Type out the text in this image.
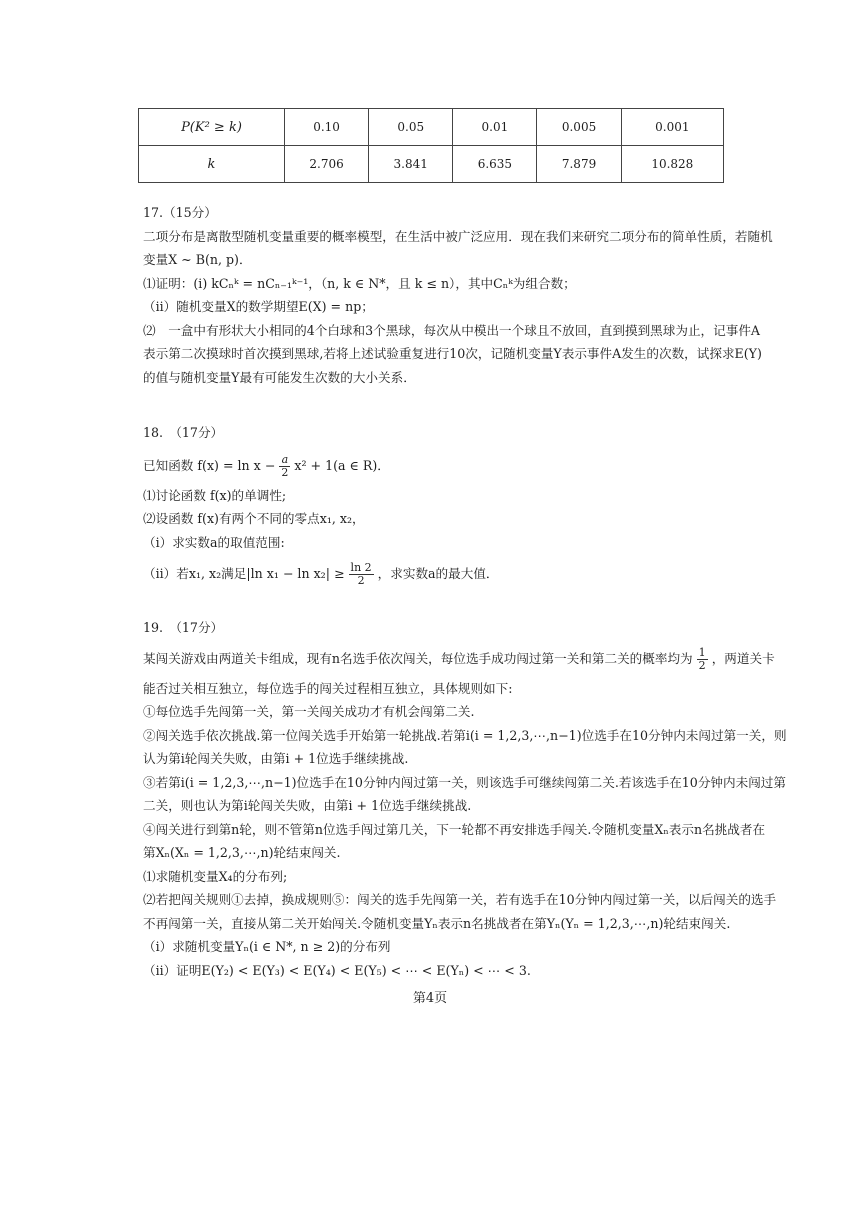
P(K² ≥ k)	0.10	0.05	0.01	0.005	0.001
k	2.706	3.841	6.635	7.879	10.828

17.（15分）

二项分布是离散型随机变量重要的概率模型，在生活中被广泛应用．现在我们来研究二项分布的简单性质，若随机

变量X ~ B(n, p)．

⑴证明：(i) kCₙᵏ = nCₙ₋₁ᵏ⁻¹，（n, k ∈ N*，且 k ≤ n），其中Cₙᵏ为组合数；

（ii）随机变量X的数学期望E(X) = np；

⑵　一盒中有形状大小相同的4个白球和3个黑球，每次从中模出一个球且不放回，直到摸到黑球为止，记事件A

表示第二次摸球时首次摸到黑球,若将上述试验重复进行10次，记随机变量Y表示事件A发生的次数，试探求E(Y)

的值与随机变量Y最有可能发生次数的大小关系．

18.　（17分）

已知函数 $f(x) = \ln x - \frac{a}{2} x^2 + 1(a$ ∈ R)．

⑴讨论函数 f(x)的单调性;

⑵设函数 f(x)有两个不同的零点x₁, x₂，

（i）求实数a的取值范围:

（ii）若x₁, x₂满足|ln $x_1 - \ln x_2| \ge \frac{\ln 2}{2}$ ，求实数a的最大值．

19.　（17分）

某闯关游戏由两道关卡组成，现有n名选手依次闯关，每位选手成功闯过第一关和第二关的概率均为 $\frac{1}{2}$ ，两道关卡

能否过关相互独立，每位选手的闯关过程相互独立，具体规则如下:

①每位选手先闯第一关，第一关闯关成功才有机会闯第二关.

②闯关选手依次挑战.第一位闯关选手开始第一轮挑战.若第i(i = 1,2,3,⋯,n−1)位选手在10分钟内未闯过第一关，则

认为第i轮闯关失败，由第i + 1位选手继续挑战.

③若第i(i = 1,2,3,⋯,n−1)位选手在10分钟内闯过第一关，则该选手可继续闯第二关.若该选手在10分钟内未闯过第

二关，则也认为第i轮闯关失败，由第i + 1位选手继续挑战.

④闯关进行到第n轮，则不管第n位选手闯过第几关，下一轮都不再安排选手闯关.令随机变量Xₙ表示n名挑战者在

第Xₙ(Xₙ = 1,2,3,⋯,n)轮结束闯关.

⑴求随机变量X₄的分布列;

⑵若把闯关规则①去掉，换成规则⑤：闯关的选手先闯第一关，若有选手在10分钟内闯过第一关，以后闯关的选手

不再闯第一关，直接从第二关开始闯关.令随机变量Yₙ表示n名挑战者在第Yₙ(Yₙ = 1,2,3,⋯,n)轮结束闯关.

（i）求随机变量Yₙ(i ∈ N*, n ≥ 2)的分布列

（ii）证明E(Y₂) < E(Y₃) < E(Y₄) < E(Y₅) < ⋯ < E(Yₙ) < ⋯ < 3.

第4页
